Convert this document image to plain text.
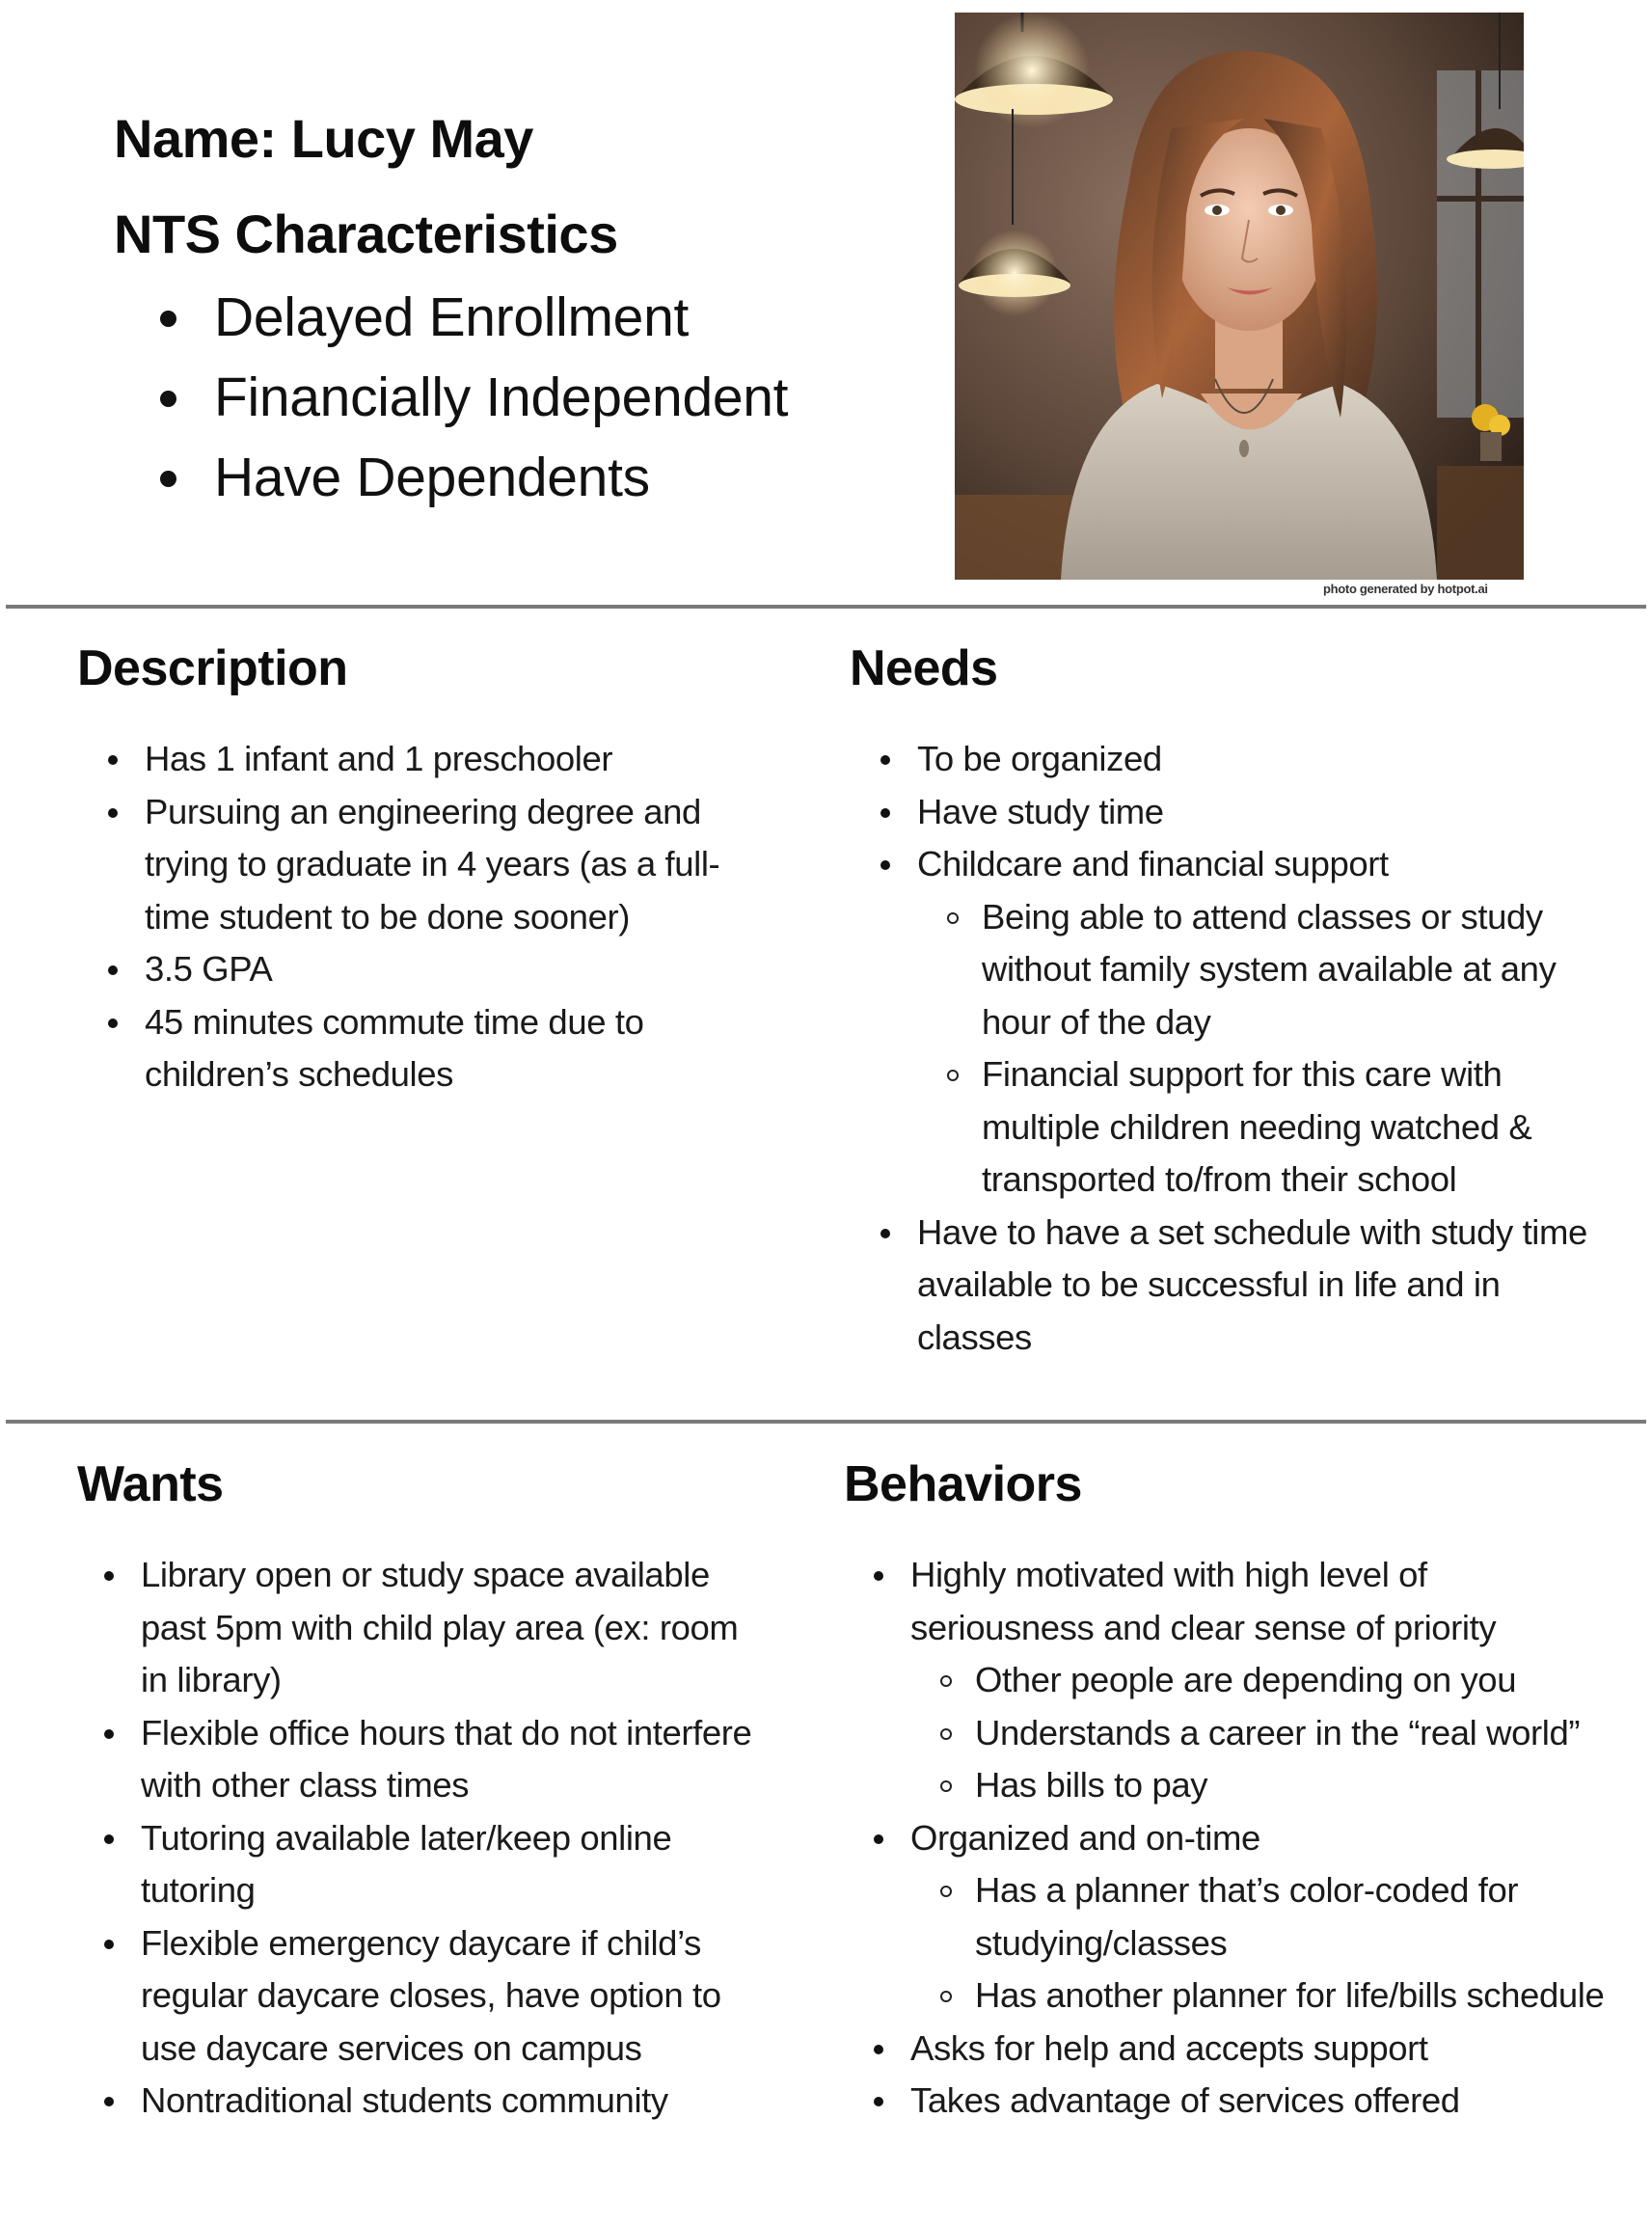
Name: Lucy May
NTS Characteristics
Delayed Enrollment
Financially Independent
Have Dependents
photo generated by hotpot.ai
Description
Has 1 infant and 1 preschooler
Pursuing an engineering degree and trying to graduate in 4 years (as a full-time student to be done sooner)
3.5 GPA
45 minutes commute time due to children’s schedules
Needs
To be organized
Have study time
Childcare and financial support
Being able to attend classes or study without family system available at any hour of the day
Financial support for this care with multiple children needing watched & transported to/from their school
Have to have a set schedule with study time available to be successful in life and in classes
Wants
Library open or study space available past 5pm with child play area (ex: room in library)
Flexible office hours that do not interfere with other class times
Tutoring available later/keep online tutoring
Flexible emergency daycare if child’s regular daycare closes, have option to use daycare services on campus
Nontraditional students community
Behaviors
Highly motivated with high level of seriousness and clear sense of priority
Other people are depending on you
Understands a career in the “real world”
Has bills to pay
Organized and on-time
Has a planner that’s color-coded for studying/classes
Has another planner for life/bills schedule
Asks for help and accepts support
Takes advantage of services offered
